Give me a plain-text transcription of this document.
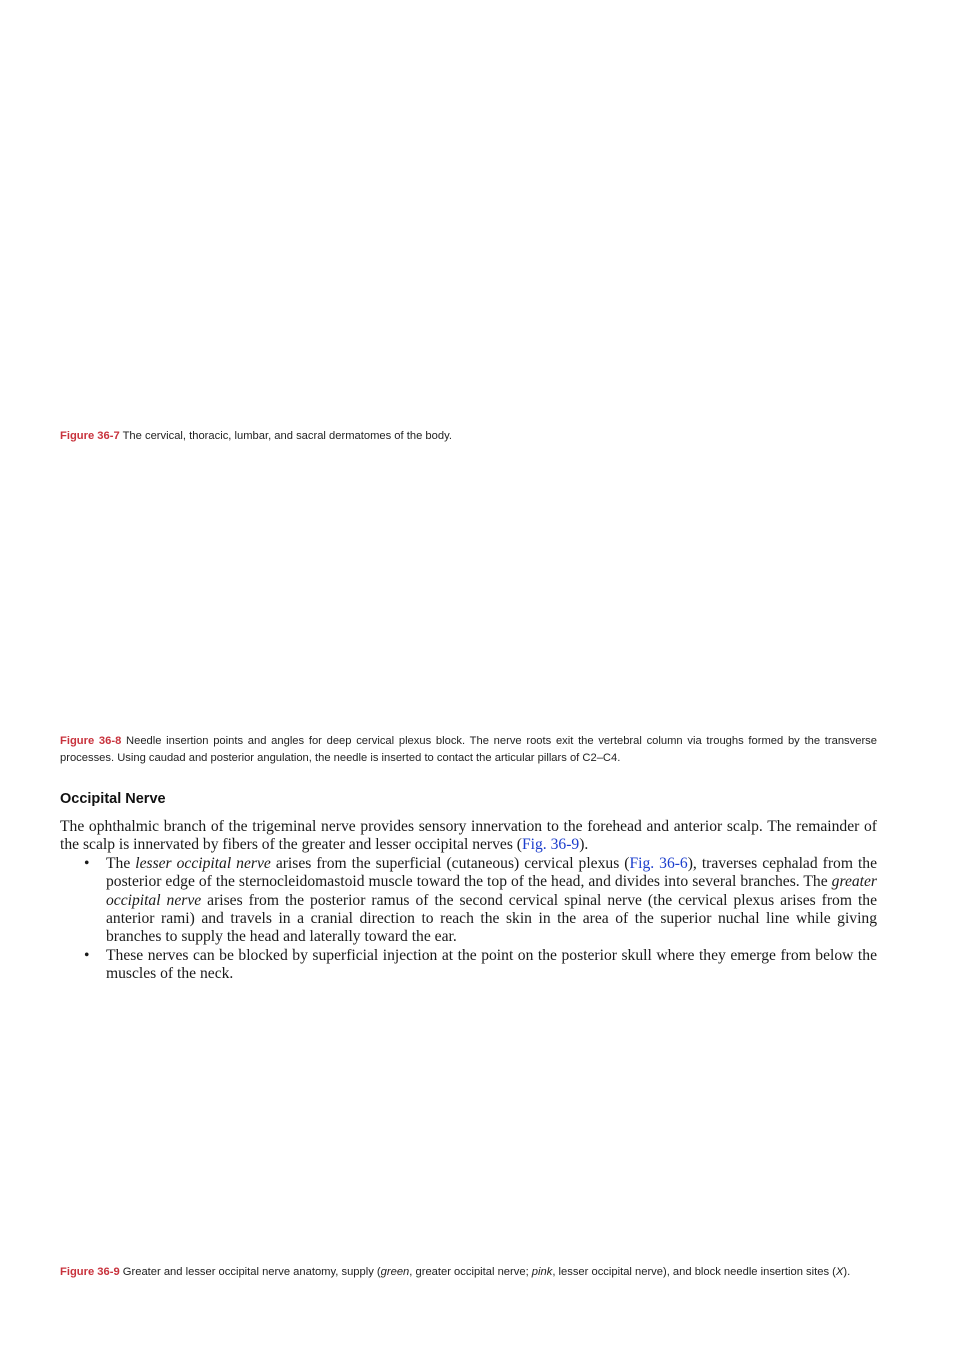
Figure 36-7 The cervical, thoracic, lumbar, and sacral dermatomes of the body.
Figure 36-8 Needle insertion points and angles for deep cervical plexus block. The nerve roots exit the vertebral column via troughs formed by the transverse processes. Using caudad and posterior angulation, the needle is inserted to contact the articular pillars of C2–C4.
Occipital Nerve

The ophthalmic branch of the trigeminal nerve provides sensory innervation to the forehead and anterior scalp. The remainder of the scalp is innervated by fibers of the greater and lesser occipital nerves (Fig. 36-9).

• The lesser occipital nerve arises from the superficial (cutaneous) cervical plexus (Fig. 36-6), traverses cephalad from the posterior edge of the sternocleidomastoid muscle toward the top of the head, and divides into several branches. The greater occipital nerve arises from the posterior ramus of the second cervical spinal nerve (the cervical plexus arises from the anterior rami) and travels in a cranial direction to reach the skin in the area of the superior nuchal line while giving branches to supply the head and laterally toward the ear.
• These nerves can be blocked by superficial injection at the point on the posterior skull where they emerge from below the muscles of the neck.
Figure 36-9 Greater and lesser occipital nerve anatomy, supply (green, greater occipital nerve; pink, lesser occipital nerve), and block needle insertion sites (X).
